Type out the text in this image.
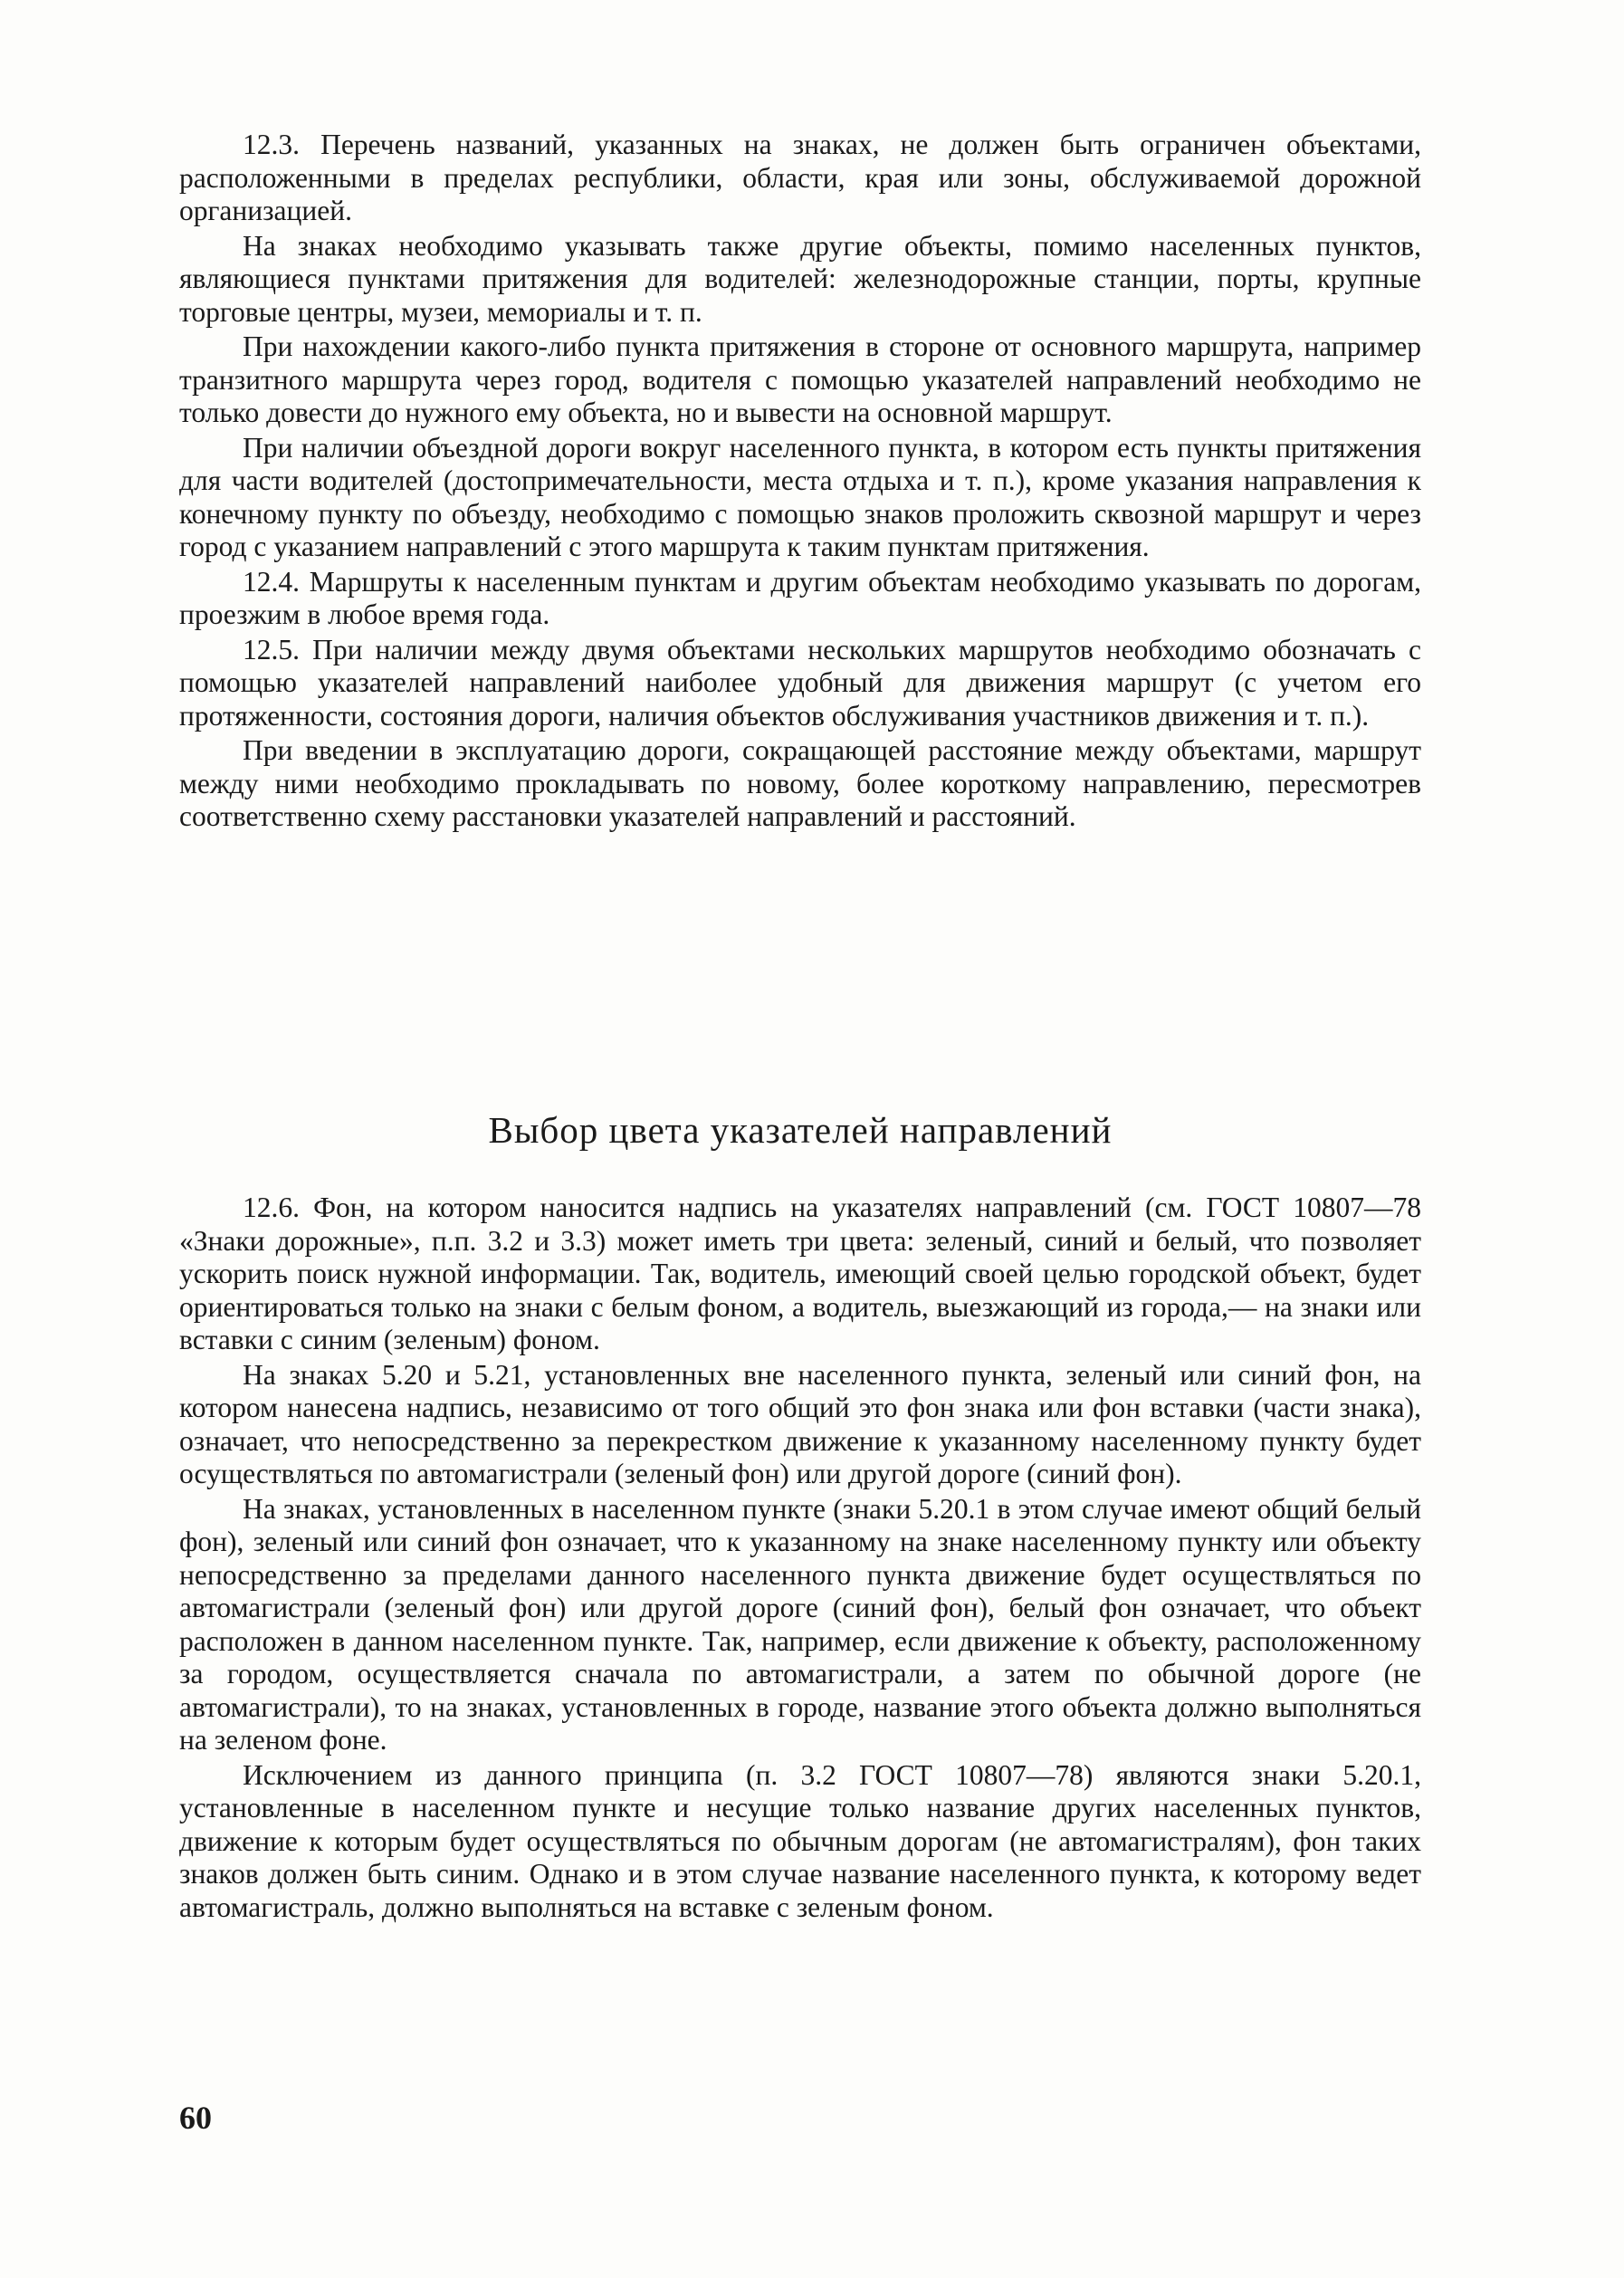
12.3. Перечень названий, указанных на знаках, не должен быть ограничен объектами, расположенными в пределах республики, области, края или зоны, обслуживаемой дорожной организацией.

На знаках необходимо указывать также другие объекты, помимо населенных пунктов, являющиеся пунктами притяжения для водителей: железнодорожные станции, порты, крупные торговые центры, музеи, мемориалы и т. п.

При нахождении какого-либо пункта притяжения в стороне от основного маршрута, например транзитного маршрута через город, водителя с помощью указателей направлений необходимо не только довести до нужного ему объекта, но и вывести на основной маршрут.

При наличии объездной дороги вокруг населенного пункта, в котором есть пункты притяжения для части водителей (достопримечательности, места отдыха и т. п.), кроме указания направления к конечному пункту по объезду, необходимо с помощью знаков проложить сквозной маршрут и через город с указанием направлений с этого маршрута к таким пунктам притяжения.

12.4. Маршруты к населенным пунктам и другим объектам необходимо указывать по дорогам, проезжим в любое время года.

12.5. При наличии между двумя объектами нескольких маршрутов необходимо обозначать с помощью указателей направлений наиболее удобный для движения маршрут (с учетом его протяженности, состояния дороги, наличия объектов обслуживания участников движения и т. п.).

При введении в эксплуатацию дороги, сокращающей расстояние между объектами, маршрут между ними необходимо прокладывать по новому, более короткому направлению, пересмотрев соответственно схему расстановки указателей направлений и расстояний.

Выбор цвета указателей направлений

12.6. Фон, на котором наносится надпись на указателях направлений (см. ГОСТ 10807—78 «Знаки дорожные», п.п. 3.2 и 3.3) может иметь три цвета: зеленый, синий и белый, что позволяет ускорить поиск нужной информации. Так, водитель, имеющий своей целью городской объект, будет ориентироваться только на знаки с белым фоном, а водитель, выезжающий из города,— на знаки или вставки с синим (зеленым) фоном.

На знаках 5.20 и 5.21, установленных вне населенного пункта, зеленый или синий фон, на котором нанесена надпись, независимо от того общий это фон знака или фон вставки (части знака), означает, что непосредственно за перекрестком движение к указанному населенному пункту будет осуществляться по автомагистрали (зеленый фон) или другой дороге (синий фон).

На знаках, установленных в населенном пункте (знаки 5.20.1 в этом случае имеют общий белый фон), зеленый или синий фон означает, что к указанному на знаке населенному пункту или объекту непосредственно за пределами данного населенного пункта движение будет осуществляться по автомагистрали (зеленый фон) или другой дороге (синий фон), белый фон означает, что объект расположен в данном населенном пункте. Так, например, если движение к объекту, расположенному за городом, осуществляется сначала по автомагистрали, а затем по обычной дороге (не автомагистрали), то на знаках, установленных в городе, название этого объекта должно выполняться на зеленом фоне.

Исключением из данного принципа (п. 3.2 ГОСТ 10807—78) являются знаки 5.20.1, установленные в населенном пункте и несущие только название других населенных пунктов, движение к которым будет осуществляться по обычным дорогам (не автомагистралям), фон таких знаков должен быть синим. Однако и в этом случае название населенного пункта, к которому ведет автомагистраль, должно выполняться на вставке с зеленым фоном.

60
